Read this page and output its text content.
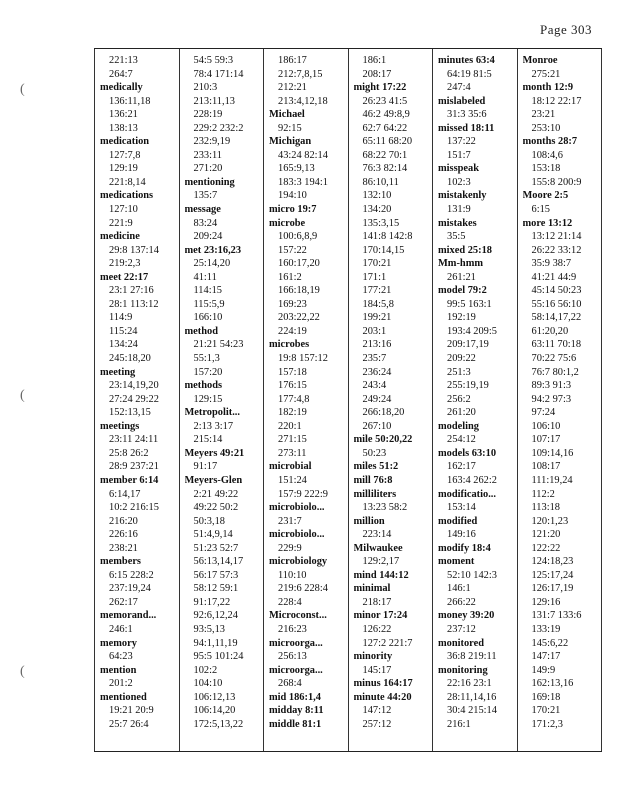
Page 303
(
(
(
221:13
264:7
medically
136:11,18
136:21
138:13
medication
127:7,8
129:19
221:8,14
medications
127:10
221:9
medicine
29:8 137:14
219:2,3
meet 22:17
23:1 27:16
28:1 113:12
114:9
115:24
134:24
245:18,20
meeting
23:14,19,20
27:24 29:22
152:13,15
meetings
23:11 24:11
25:8 26:2
28:9 237:21
member 6:14
6:14,17
10:2 216:15
216:20
226:16
238:21
members
6:15 228:2
237:19,24
262:17
memorand...
246:1
memory
64:23
mention
201:2
mentioned
19:21 20:9
25:7 26:4
54:5 59:3
78:4 171:14
210:3
213:11,13
228:19
229:2 232:2
232:9,19
233:11
271:20
mentioning
135:7
message
83:24
209:24
met 23:16,23
25:14,20
41:11
114:15
115:5,9
166:10
method
21:21 54:23
55:1,3
157:20
methods
129:15
Metropolit...
2:13 3:17
215:14
Meyers 49:21
91:17
Meyers-Glen
2:21 49:22
49:22 50:2
50:3,18
51:4,9,14
51:23 52:7
56:13,14,17
56:17 57:3
58:12 59:1
91:17,22
92:6,12,24
93:5,13
94:1,11,19
95:5 101:24
102:2
104:10
106:12,13
106:14,20
172:5,13,22
186:17
212:7,8,15
212:21
213:4,12,18
Michael
92:15
Michigan
43:24 82:14
165:9,13
183:3 194:1
194:10
micro 19:7
microbe
100:6,8,9
157:22
160:17,20
161:2
166:18,19
169:23
203:22,22
224:19
microbes
19:8 157:12
157:18
176:15
177:4,8
182:19
220:1
271:15
273:11
microbial
151:24
157:9 222:9
microbiolo...
231:7
microbiolo...
229:9
microbiology
110:10
219:6 228:4
228:4
Microconst...
216:23
microorga...
256:13
microorga...
268:4
mid 186:1,4
midday 8:11
middle 81:1
186:1
208:17
might 17:22
26:23 41:5
46:2 49:8,9
62:7 64:22
65:11 68:20
68:22 70:1
76:3 82:14
86:10,11
132:10
134:20
135:3,15
141:8 142:8
170:14,15
170:21
171:1
177:21
184:5,8
199:21
203:1
213:16
235:7
236:24
243:4
249:24
266:18,20
267:10
mile 50:20,22
50:23
miles 51:2
mill 76:8
milliliters
13:23 58:2
million
223:14
Milwaukee
129:2,17
mind 144:12
minimal
218:17
minor 17:24
126:22
127:2 221:7
minority
145:17
minus 164:17
minute 44:20
147:12
257:12
minutes 63:4
64:19 81:5
247:4
mislabeled
31:3 35:6
missed 18:11
137:22
151:7
misspeak
102:3
mistakenly
131:9
mistakes
35:5
mixed 25:18
Mm-hmm
261:21
model 79:2
99:5 163:1
192:19
193:4 209:5
209:17,19
209:22
251:3
255:19,19
256:2
261:20
modeling
254:12
models 63:10
162:17
163:4 262:2
modificatio...
153:14
modified
149:16
modify 18:4
moment
52:10 142:3
146:1
266:22
money 39:20
237:12
monitored
36:8 219:11
monitoring
22:16 23:1
28:11,14,16
30:4 215:14
216:1
Monroe
275:21
month 12:9
18:12 22:17
23:21
253:10
months 28:7
108:4,6
153:18
155:8 200:9
Moore 2:5
6:15
more 13:12
13:12 21:14
26:22 33:12
35:9 38:7
41:21 44:9
45:14 50:23
55:16 56:10
58:14,17,22
61:20,20
63:11 70:18
70:22 75:6
76:7 80:1,2
89:3 91:3
94:2 97:3
97:24
106:10
107:17
109:14,16
108:17
111:19,24
112:2
113:18
120:1,23
121:20
122:22
124:18,23
125:17,24
126:17,19
129:16
131:7 133:6
133:19
145:6,22
147:17
149:9
162:13,16
169:18
170:21
171:2,3
